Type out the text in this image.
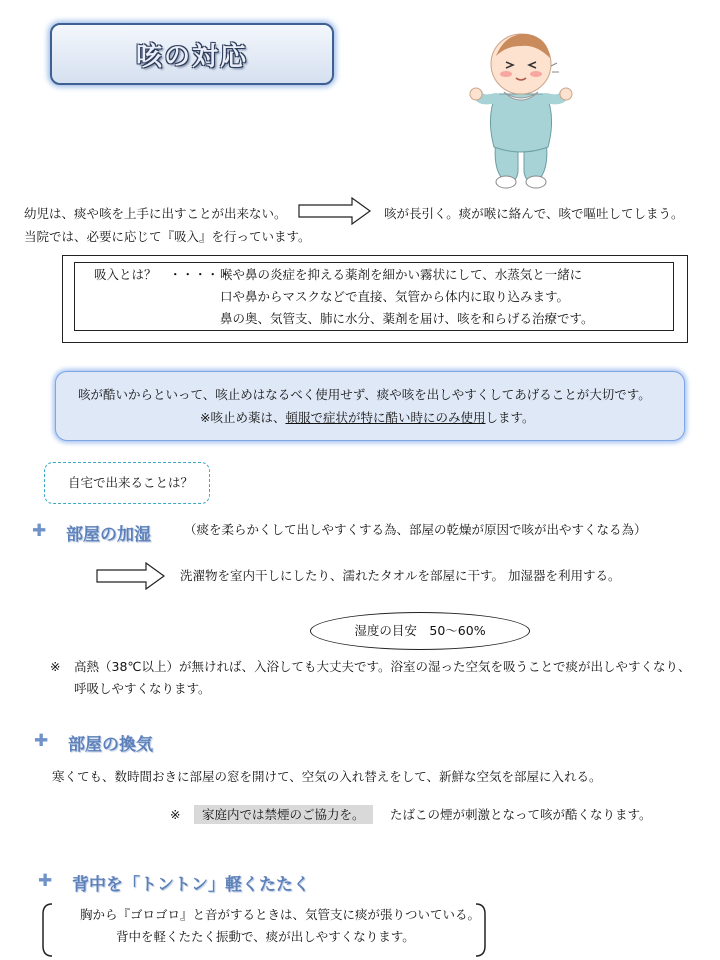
咳の対応
幼児は、痰や咳を上手に出すことが出来ない。	咳が長引く。痰が喉に絡んで、咳で嘔吐してしまう。
当院では、必要に応じて『吸入』を行っています。
吸入とは？　・・・・・
喉や鼻の炎症を抑える薬剤を細かい霧状にして、水蒸気と一緒に
口や鼻からマスクなどで直接、気管から体内に取り込みます。
鼻の奥、気管支、肺に水分、薬剤を届け、咳を和らげる治療です。
咳が酷いからといって、咳止めはなるべく使用せず、痰や咳を出しやすくしてあげることが大切です。
※咳止め薬は、頓服で症状が特に酷い時にのみ使用します。
自宅で出来ることは？
✚ 部屋の加湿	（痰を柔らかくして出しやすくする為、部屋の乾燥が原因で咳が出やすくなる為）
洗濯物を室内干しにしたり、濡れたタオルを部屋に干す。 加湿器を利用する。
湿度の目安　50～60%
※ 高熱（38℃以上）が無ければ、入浴しても大丈夫です。浴室の湿った空気を吸うことで痰が出しやすくなり、
呼吸しやすくなります。
✚ 部屋の換気
寒くても、数時間おきに部屋の窓を開けて、空気の入れ替えをして、新鮮な空気を部屋に入れる。
※	家庭内では禁煙のご協力を。	たばこの煙が刺激となって咳が酷くなります。
✚ 背中を「トントン」軽くたたく
胸から『ゴロゴロ』と音がするときは、気管支に痰が張りついている。
背中を軽くたたく振動で、痰が出しやすくなります。
